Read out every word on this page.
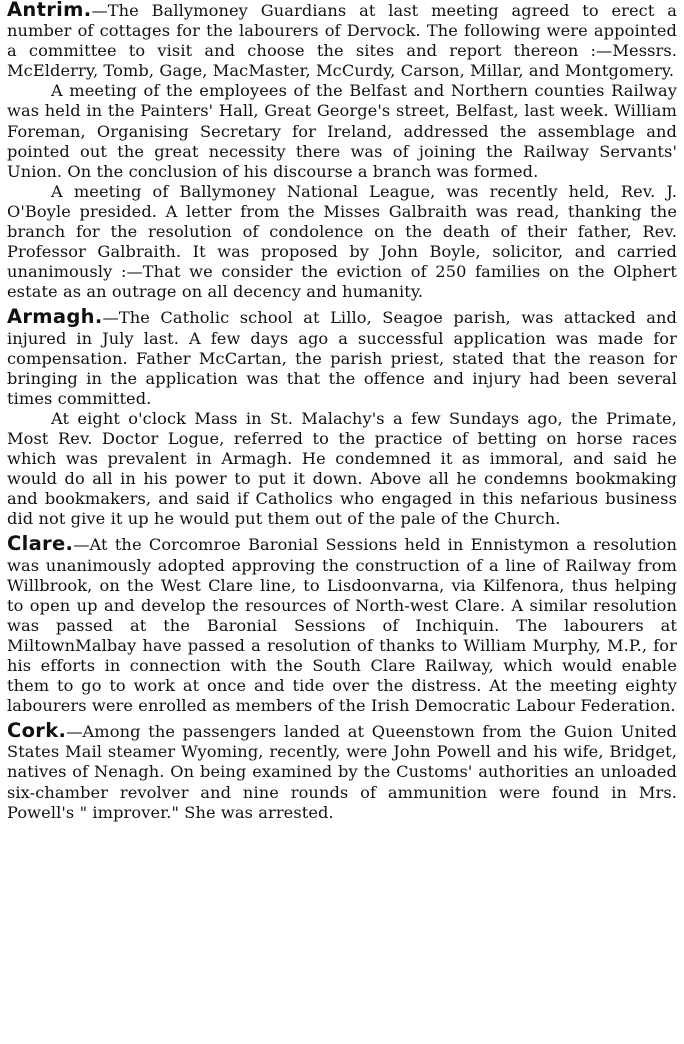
Antrim.—The Ballymoney Guardians at last meeting agreed to erect a number of cottages for the labourers of Dervock. The following were appointed a committee to visit and choose the sites and report thereon :—Messrs. McElderry, Tomb, Gage, MacMaster, McCurdy, Carson, Millar, and Montgomery.

A meeting of the employees of the Belfast and Northern counties Railway was held in the Painters' Hall, Great George's street, Belfast, last week. William Foreman, Organising Secretary for Ireland, addressed the assemblage and pointed out the great necessity there was of joining the Railway Servants' Union. On the conclusion of his discourse a branch was formed.

A meeting of Ballymoney National League, was recently held, Rev. J. O'Boyle presided. A letter from the Misses Galbraith was read, thanking the branch for the resolution of condolence on the death of their father, Rev. Professor Galbraith. It was proposed by John Boyle, solicitor, and carried unanimously :—That we consider the eviction of 250 families on the Olphert estate as an outrage on all decency and humanity.

Armagh.—The Catholic school at Lillo, Seagoe parish, was attacked and injured in July last. A few days ago a successful application was made for compensation. Father McCartan, the parish priest, stated that the reason for bringing in the application was that the offence and injury had been several times committed.

At eight o'clock Mass in St. Malachy's a few Sundays ago, the Primate, Most Rev. Doctor Logue, referred to the practice of betting on horse races which was prevalent in Armagh. He condemned it as immoral, and said he would do all in his power to put it down. Above all he condemns bookmaking and bookmakers, and said if Catholics who engaged in this nefarious business did not give it up he would put them out of the pale of the Church.

Clare.—At the Corcomroe Baronial Sessions held in Ennistymon a resolution was unanimously adopted approving the construction of a line of Railway from Willbrook, on the West Clare line, to Lisdoonvarna, via Kilfenora, thus helping to open up and develop the resources of North-west Clare. A similar resolution was passed at the Baronial Sessions of Inchiquin. The labourers at MiltownMalbay have passed a resolution of thanks to William Murphy, M.P., for his efforts in connection with the South Clare Railway, which would enable them to go to work at once and tide over the distress. At the meeting eighty labourers were enrolled as members of the Irish Democratic Labour Federation.

Cork.—Among the passengers landed at Queenstown from the Guion United States Mail steamer Wyoming, recently, were John Powell and his wife, Bridget, natives of Nenagh. On being examined by the Customs' authorities an unloaded six-chamber revolver and nine rounds of ammunition were found in Mrs. Powell's " improver." She was arrested.
